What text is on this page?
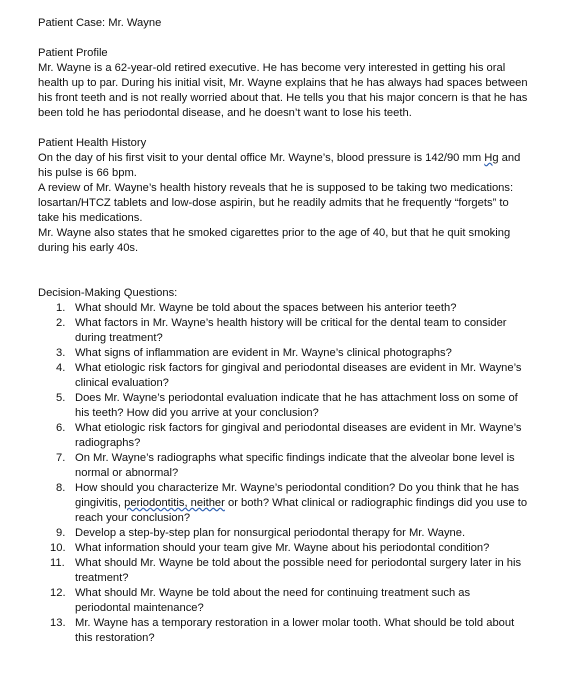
Patient Case: Mr. Wayne

Patient Profile

Mr. Wayne is a 62-year-old retired executive. He has become very interested in getting his oral health up to par. During his initial visit, Mr. Wayne explains that he has always had spaces between his front teeth and is not really worried about that. He tells you that his major concern is that he has been told he has periodontal disease, and he doesn’t want to lose his teeth.

Patient Health History

On the day of his first visit to your dental office Mr. Wayne’s, blood pressure is 142/90 mm Hg and his pulse is 66 bpm.

A review of Mr. Wayne’s health history reveals that he is supposed to be taking two medications: losartan/HTCZ tablets and low-dose aspirin, but he readily admits that he frequently “forgets” to take his medications.

Mr. Wayne also states that he smoked cigarettes prior to the age of 40, but that he quit smoking during his early 40s.

Decision-Making Questions:

1. What should Mr. Wayne be told about the spaces between his anterior teeth?
2. What factors in Mr. Wayne’s health history will be critical for the dental team to consider during treatment?
3. What signs of inflammation are evident in Mr. Wayne’s clinical photographs?
4. What etiologic risk factors for gingival and periodontal diseases are evident in Mr. Wayne’s clinical evaluation?
5. Does Mr. Wayne’s periodontal evaluation indicate that he has attachment loss on some of his teeth? How did you arrive at your conclusion?
6. What etiologic risk factors for gingival and periodontal diseases are evident in Mr. Wayne’s radiographs?
7. On Mr. Wayne’s radiographs what specific findings indicate that the alveolar bone level is normal or abnormal?
8. How should you characterize Mr. Wayne’s periodontal condition? Do you think that he has gingivitis, periodontitis, neither or both? What clinical or radiographic findings did you use to reach your conclusion?
9. Develop a step-by-step plan for nonsurgical periodontal therapy for Mr. Wayne.
10. What information should your team give Mr. Wayne about his periodontal condition?
11. What should Mr. Wayne be told about the possible need for periodontal surgery later in his treatment?
12. What should Mr. Wayne be told about the need for continuing treatment such as periodontal maintenance?
13. Mr. Wayne has a temporary restoration in a lower molar tooth. What should be told about this restoration?
